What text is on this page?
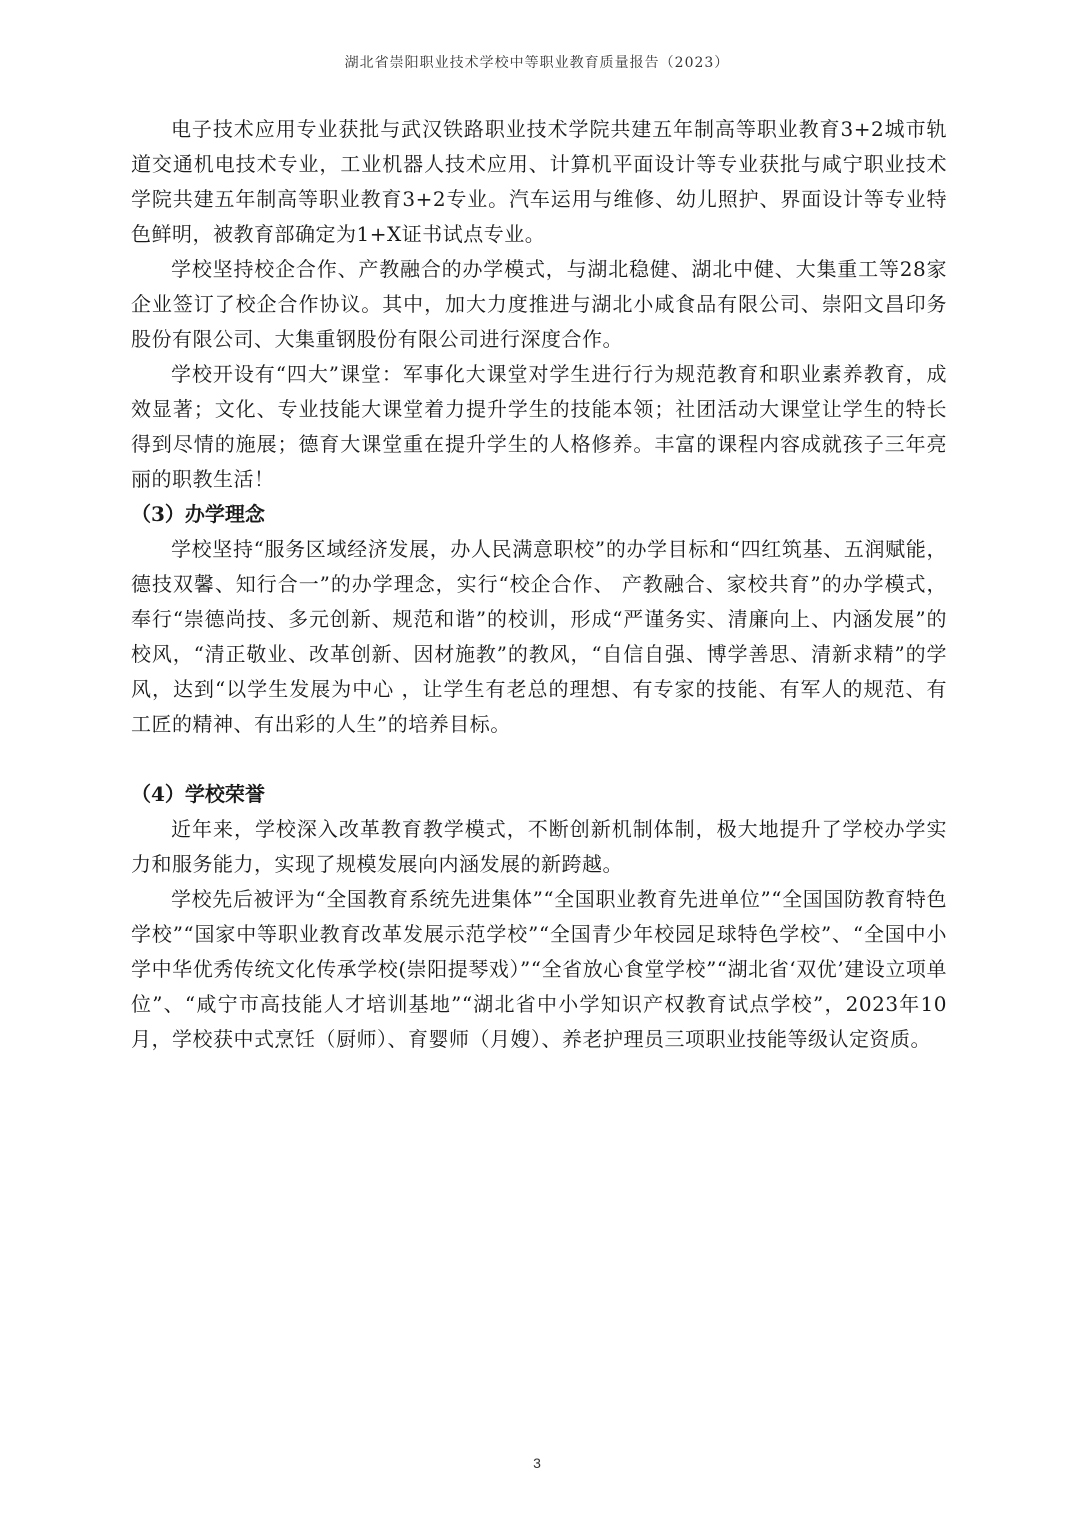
湖北省崇阳职业技术学校中等职业教育质量报告（2023）

电子技术应用专业获批与武汉铁路职业技术学院共建五年制高等职业教育3+2城市轨道交通机电技术专业，工业机器人技术应用、计算机平面设计等专业获批与咸宁职业技术学院共建五年制高等职业教育3+2专业。汽车运用与维修、幼儿照护、界面设计等专业特色鲜明，被教育部确定为1+X证书试点专业。

学校坚持校企合作、产教融合的办学模式，与湖北稳健、湖北中健、大集重工等28家企业签订了校企合作协议。其中，加大力度推进与湖北小咸食品有限公司、崇阳文昌印务股份有限公司、大集重钢股份有限公司进行深度合作。

学校开设有“四大”课堂：军事化大课堂对学生进行行为规范教育和职业素养教育，成效显著；文化、专业技能大课堂着力提升学生的技能本领；社团活动大课堂让学生的特长得到尽情的施展；德育大课堂重在提升学生的人格修养。丰富的课程内容成就孩子三年亮丽的职教生活！

（3）办学理念

学校坚持“服务区域经济发展，办人民满意职校”的办学目标和“四红筑基、五润赋能，德技双馨、知行合一”的办学理念，实行“校企合作、 产教融合、家校共育”的办学模式，奉行“崇德尚技、多元创新、规范和谐”的校训，形成“严谨务实、清廉向上、内涵发展”的校风，“清正敬业、改革创新、因材施教”的教风，“自信自强、博学善思、清新求精”的学风，达到“以学生发展为中心 ，让学生有老总的理想、有专家的技能、有军人的规范、有工匠的精神、有出彩的人生”的培养目标。

（4）学校荣誉

近年来，学校深入改革教育教学模式，不断创新机制体制，极大地提升了学校办学实力和服务能力，实现了规模发展向内涵发展的新跨越。

学校先后被评为“全国教育系统先进集体”“全国职业教育先进单位”“全国国防教育特色学校”“国家中等职业教育改革发展示范学校”“全国青少年校园足球特色学校”、“全国中小学中华优秀传统文化传承学校(崇阳提琴戏）”“全省放心食堂学校”“湖北省‘双优’建设立项单位”、“咸宁市高技能人才培训基地”“湖北省中小学知识产权教育试点学校”，2023年10月，学校获中式烹饪（厨师）、育婴师（月嫂）、养老护理员三项职业技能等级认定资质。

3
